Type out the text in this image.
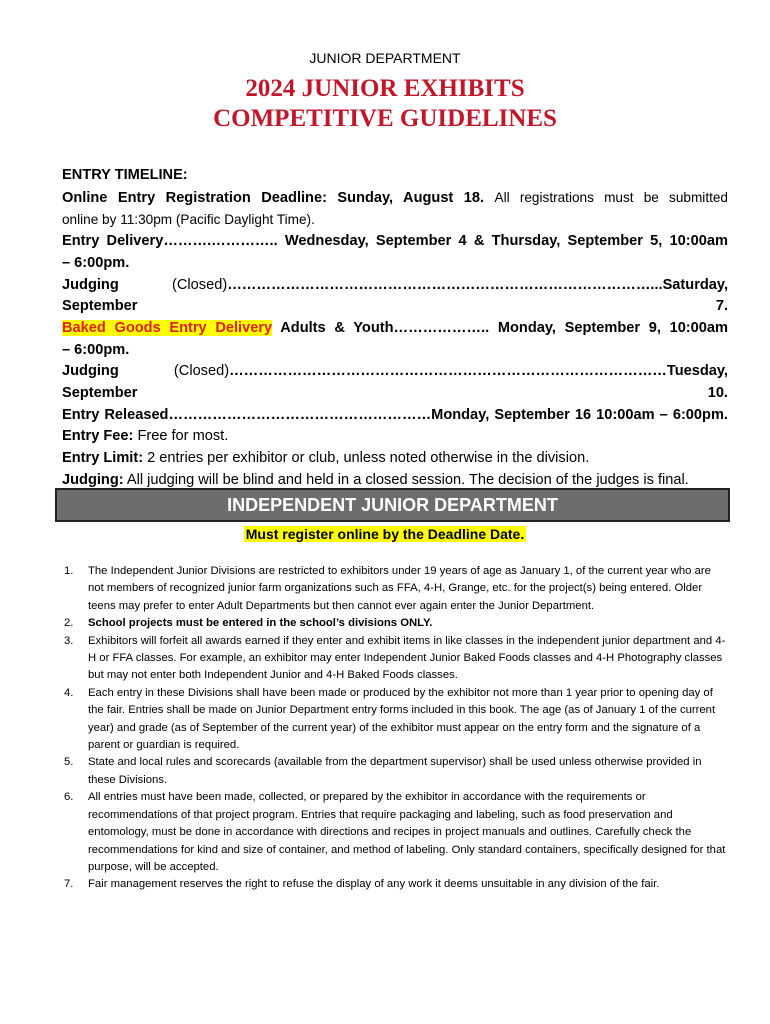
JUNIOR DEPARTMENT
2024 JUNIOR EXHIBITS
COMPETITIVE GUIDELINES

ENTRY TIMELINE:

Online Entry Registration Deadline: Sunday, August 18. All registrations must be submitted

online by 11:30pm (Pacific Daylight Time).

Entry Delivery……….………….. Wednesday, September 4 & Thursday, September 5, 10:00am

– 6:00pm.

Judging	(Closed)……………………………………………………………………………...Saturday, September 7.

Baked Goods Entry Delivery Adults & Youth……………….. Monday, September 9, 10:00am

– 6:00pm.

Judging	(Closed)………………………………………………………………………………Tuesday, September 10.

Entry Released………………………………………………Monday, September 16 10:00am – 6:00pm.

Entry Fee: Free for most.

Entry Limit: 2 entries per exhibitor or club, unless noted otherwise in the division.

Judging: All judging will be blind and held in a closed session. The decision of the judges is final.

INDEPENDENT JUNIOR DEPARTMENT
Must register online by the Deadline Date.
1. The Independent Junior Divisions are restricted to exhibitors under 19 years of age as January 1, of the current year who are not members of recognized junior farm organizations such as FFA, 4-H, Grange, etc. for the project(s) being entered. Older teens may prefer to enter Adult Departments but then cannot ever again enter the Junior Department.
2. School projects must be entered in the school’s divisions ONLY.
3. Exhibitors will forfeit all awards earned if they enter and exhibit items in like classes in the independent junior department and 4-H or FFA classes. For example, an exhibitor may enter Independent Junior Baked Foods classes and 4-H Photography classes but may not enter both Independent Junior and 4-H Baked Foods classes.
4. Each entry in these Divisions shall have been made or produced by the exhibitor not more than 1 year prior to opening day of the fair. Entries shall be made on Junior Department entry forms included in this book. The age (as of January 1 of the current year) and grade (as of September of the current year) of the exhibitor must appear on the entry form and the signature of a parent or guardian is required.
5. State and local rules and scorecards (available from the department supervisor) shall be used unless otherwise provided in these Divisions.
6. All entries must have been made, collected, or prepared by the exhibitor in accordance with the requirements or recommendations of that project program. Entries that require packaging and labeling, such as food preservation and entomology, must be done in accordance with directions and recipes in project manuals and outlines. Carefully check the recommendations for kind and size of container, and method of labeling. Only standard containers, specifically designed for that purpose, will be accepted.
7. Fair management reserves the right to refuse the display of any work it deems unsuitable in any division of the fair.
